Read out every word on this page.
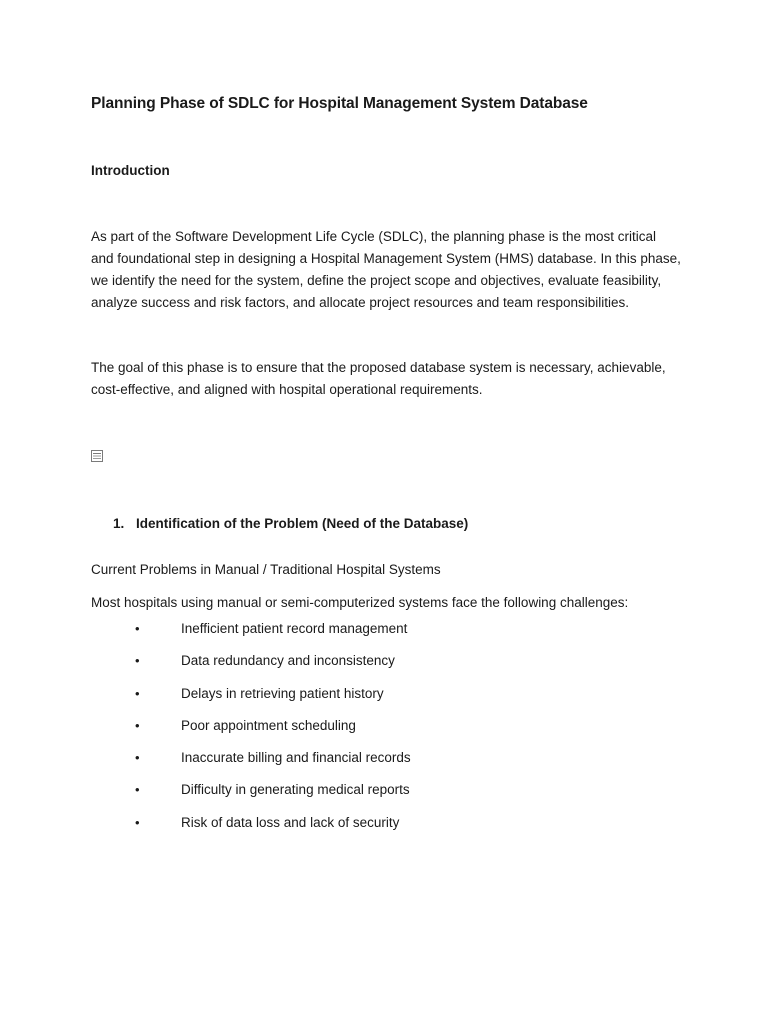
Planning Phase of SDLC for Hospital Management System Database
Introduction

As part of the Software Development Life Cycle (SDLC), the planning phase is the most critical and foundational step in designing a Hospital Management System (HMS) database. In this phase, we identify the need for the system, define the project scope and objectives, evaluate feasibility, analyze success and risk factors, and allocate project resources and team responsibilities.

The goal of this phase is to ensure that the proposed database system is necessary, achievable, cost-effective, and aligned with hospital operational requirements.

1. Identification of the Problem (Need of the Database)
Current Problems in Manual / Traditional Hospital Systems
Most hospitals using manual or semi-computerized systems face the following challenges:
•	Inefficient patient record management
•	Data redundancy and inconsistency
•	Delays in retrieving patient history
•	Poor appointment scheduling
•	Inaccurate billing and financial records
•	Difficulty in generating medical reports
•	Risk of data loss and lack of security
